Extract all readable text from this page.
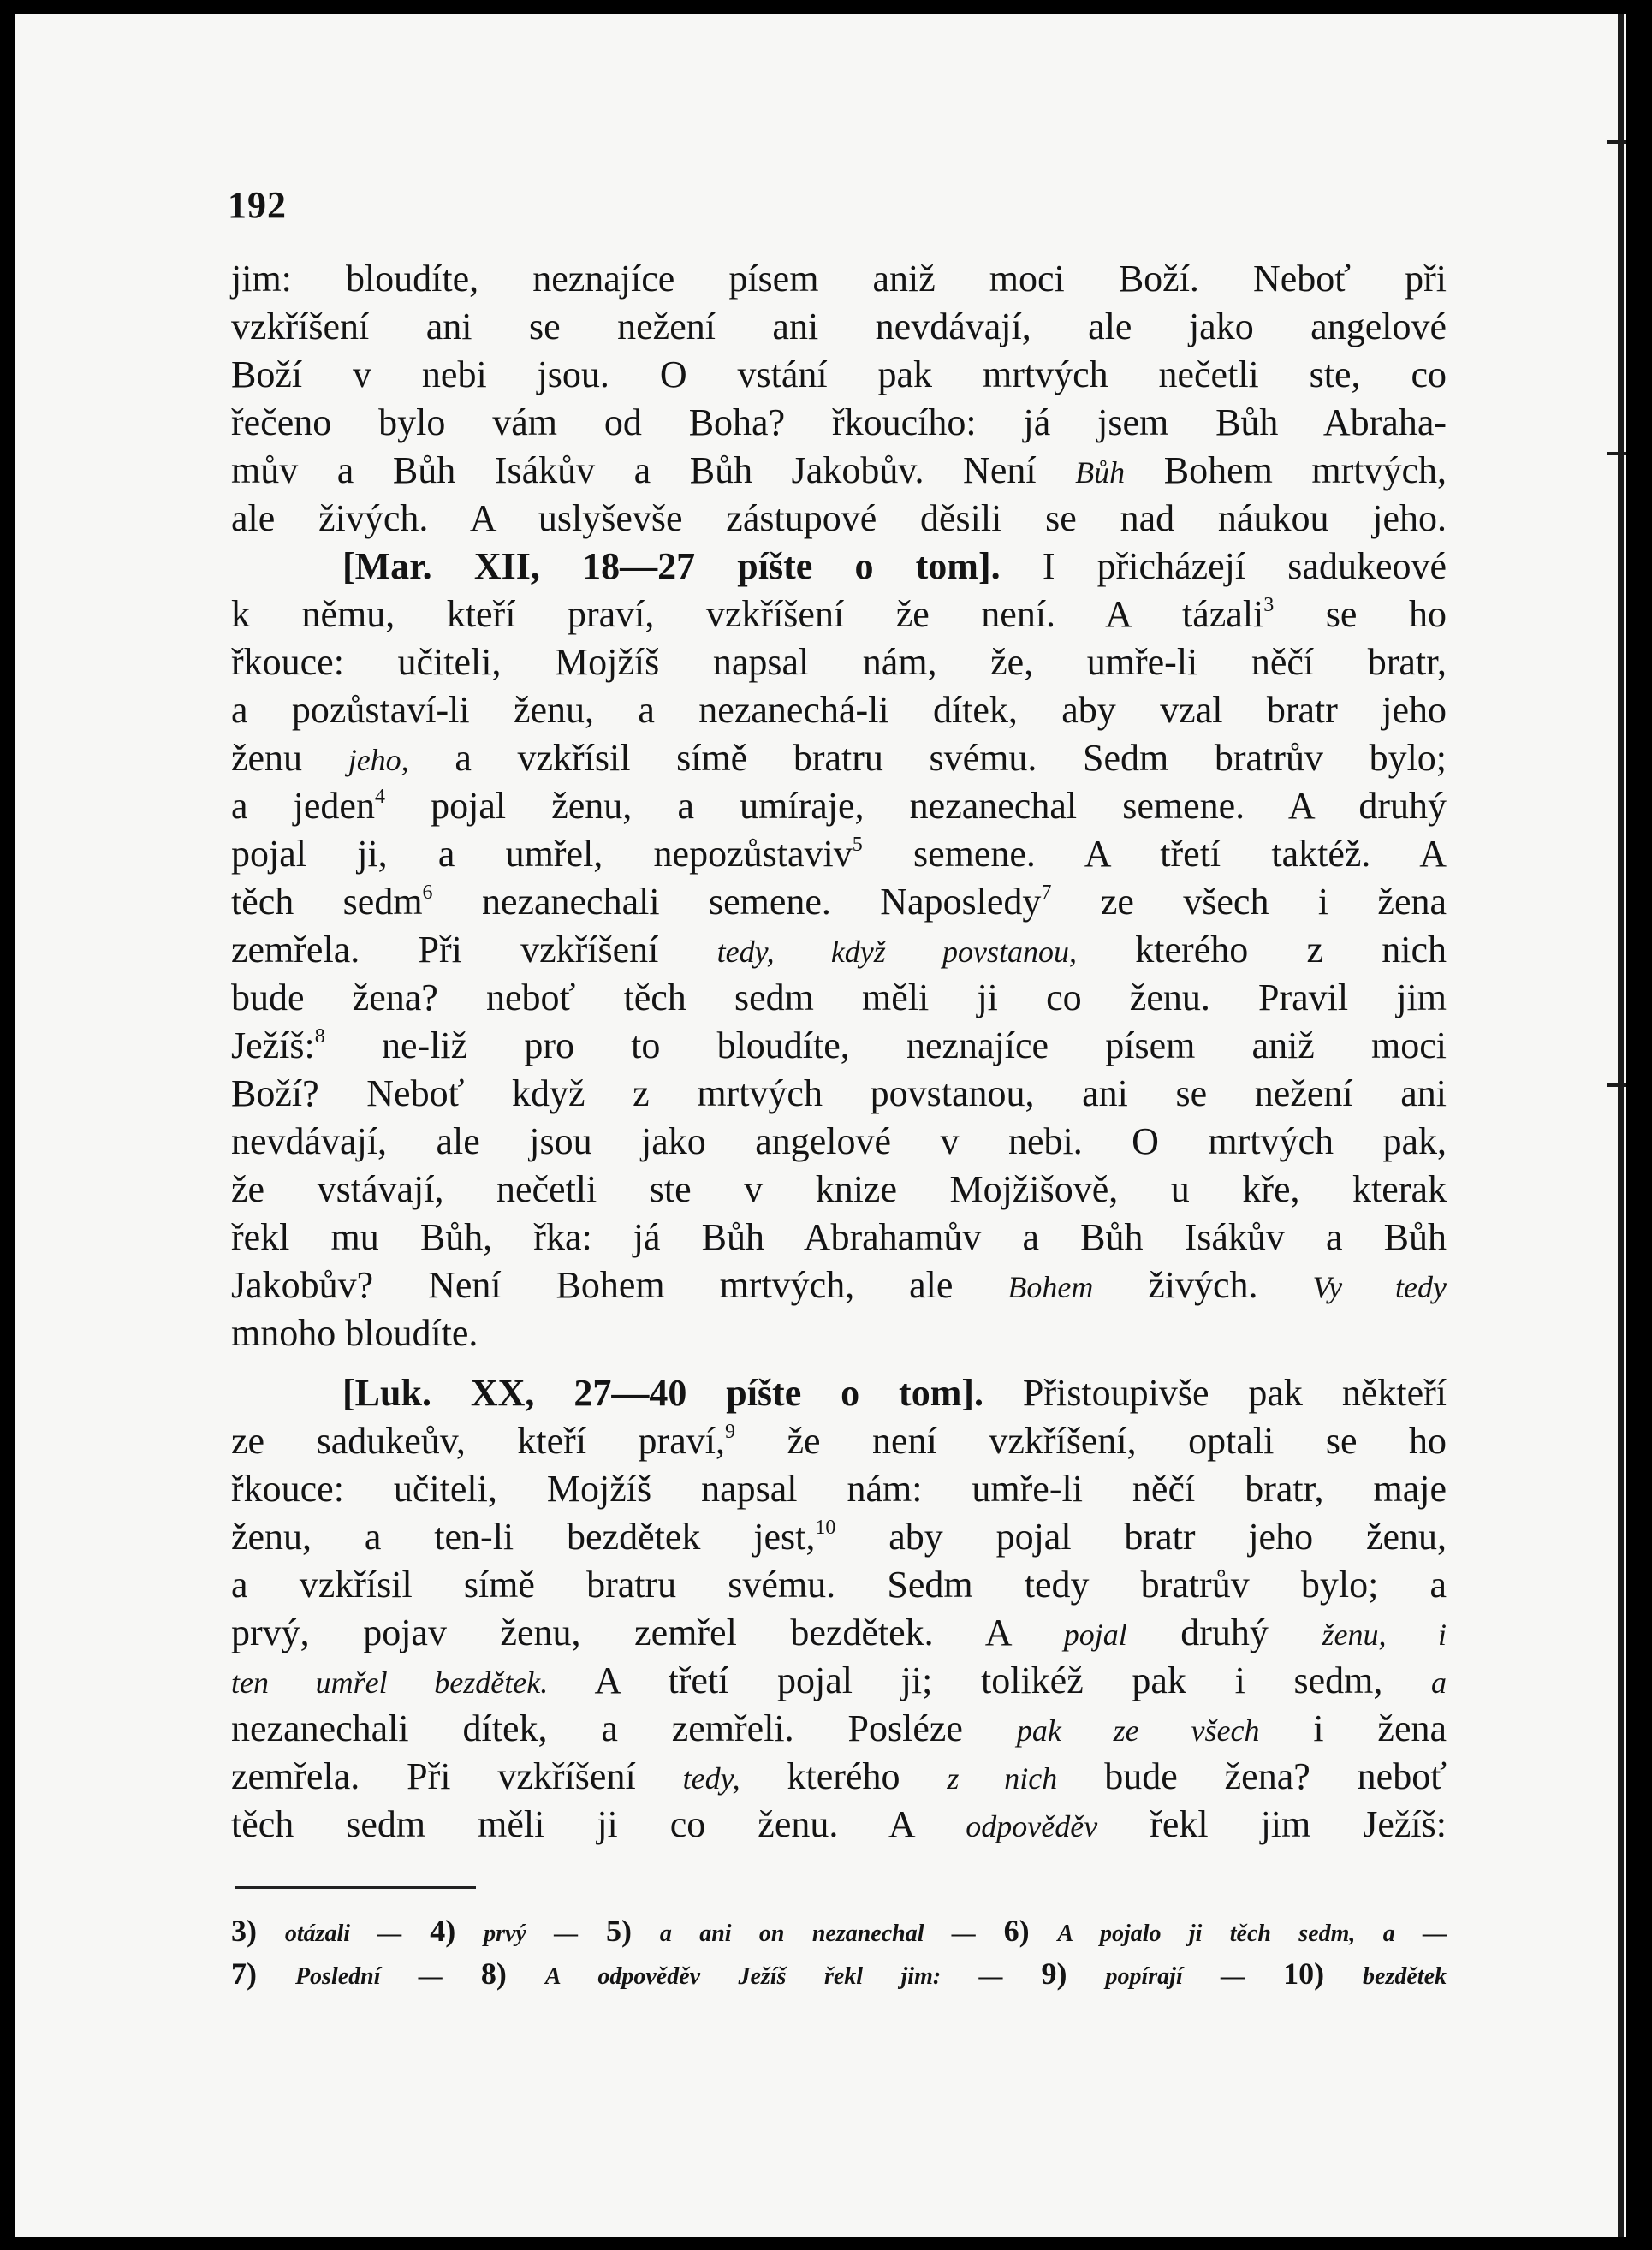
192
jim: bloudíte, neznajíce písem aniž moci Boží. Neboť při
vzkříšení ani se nežení ani nevdávají, ale jako angelové
Boží v nebi jsou. O vstání pak mrtvých nečetli ste, co
řečeno bylo vám od Boha? řkoucího: já jsem Bůh Abraha-
mův a Bůh Isákův a Bůh Jakobův. Není Bůh Bohem mrtvých,
ale živých. A uslyševše zástupové děsili se nad náukou jeho.
[Mar. XII, 18—27 píšte o tom]. I přicházejí sadukeové
k němu, kteří praví, vzkříšení že není. A tázali$^3$ se ho
řkouce: učiteli, Mojžíš napsal nám, že, umře-li něčí bratr,
a pozůstaví-li ženu, a nezanechá-li dítek, aby vzal bratr jeho
ženu jeho, a vzkřísil símě bratru svému. Sedm bratrův bylo;
a jeden$^4$ pojal ženu, a umíraje, nezanechal semene. A druhý
pojal ji, a umřel, nepozůstaviv$^5$ semene. A třetí taktéž. A
těch sedm$^6$ nezanechali semene. Naposledy$^7$ ze všech i žena
zemřela. Při vzkříšení tedy, když povstanou, kterého z nich
bude žena? neboť těch sedm měli ji co ženu. Pravil jim
Ježíš:$^8$ ne-liž pro to bloudíte, neznajíce písem aniž moci
Boží? Neboť když z mrtvých povstanou, ani se nežení ani
nevdávají, ale jsou jako angelové v nebi. O mrtvých pak,
že vstávají, nečetli ste v knize Mojžišově, u kře, kterak
řekl mu Bůh, řka: já Bůh Abrahamův a Bůh Isákův a Bůh
Jakobův? Není Bohem mrtvých, ale Bohem živých. Vy tedy
mnoho bloudíte.
[Luk. XX, 27—40 píšte o tom]. Přistoupivše pak někteří
ze sadukeův, kteří praví,$^9$ že není vzkříšení, optali se ho
řkouce: učiteli, Mojžíš napsal nám: umře-li něčí bratr, maje
ženu, a ten-li bezdětek jest,$^{10}$ aby pojal bratr jeho ženu,
a vzkřísil símě bratru svému. Sedm tedy bratrův bylo; a
prvý, pojav ženu, zemřel bezdětek. A pojal druhý ženu, i
ten umřel bezdětek. A třetí pojal ji; tolikéž pak i sedm, a
nezanechali dítek, a zemřeli. Posléze pak ze všech i žena
zemřela. Při vzkříšení tedy, kterého z nich bude žena? neboť
těch sedm měli ji co ženu. A odpověděv řekl jim Ježíš:
3) otázali — 4) prvý — 5) a ani on nezanechal — 6) A pojalo ji těch sedm, a —
7) Poslední — 8) A odpověděv Ježíš řekl jim: — 9) popírají — 10) bezdětek
